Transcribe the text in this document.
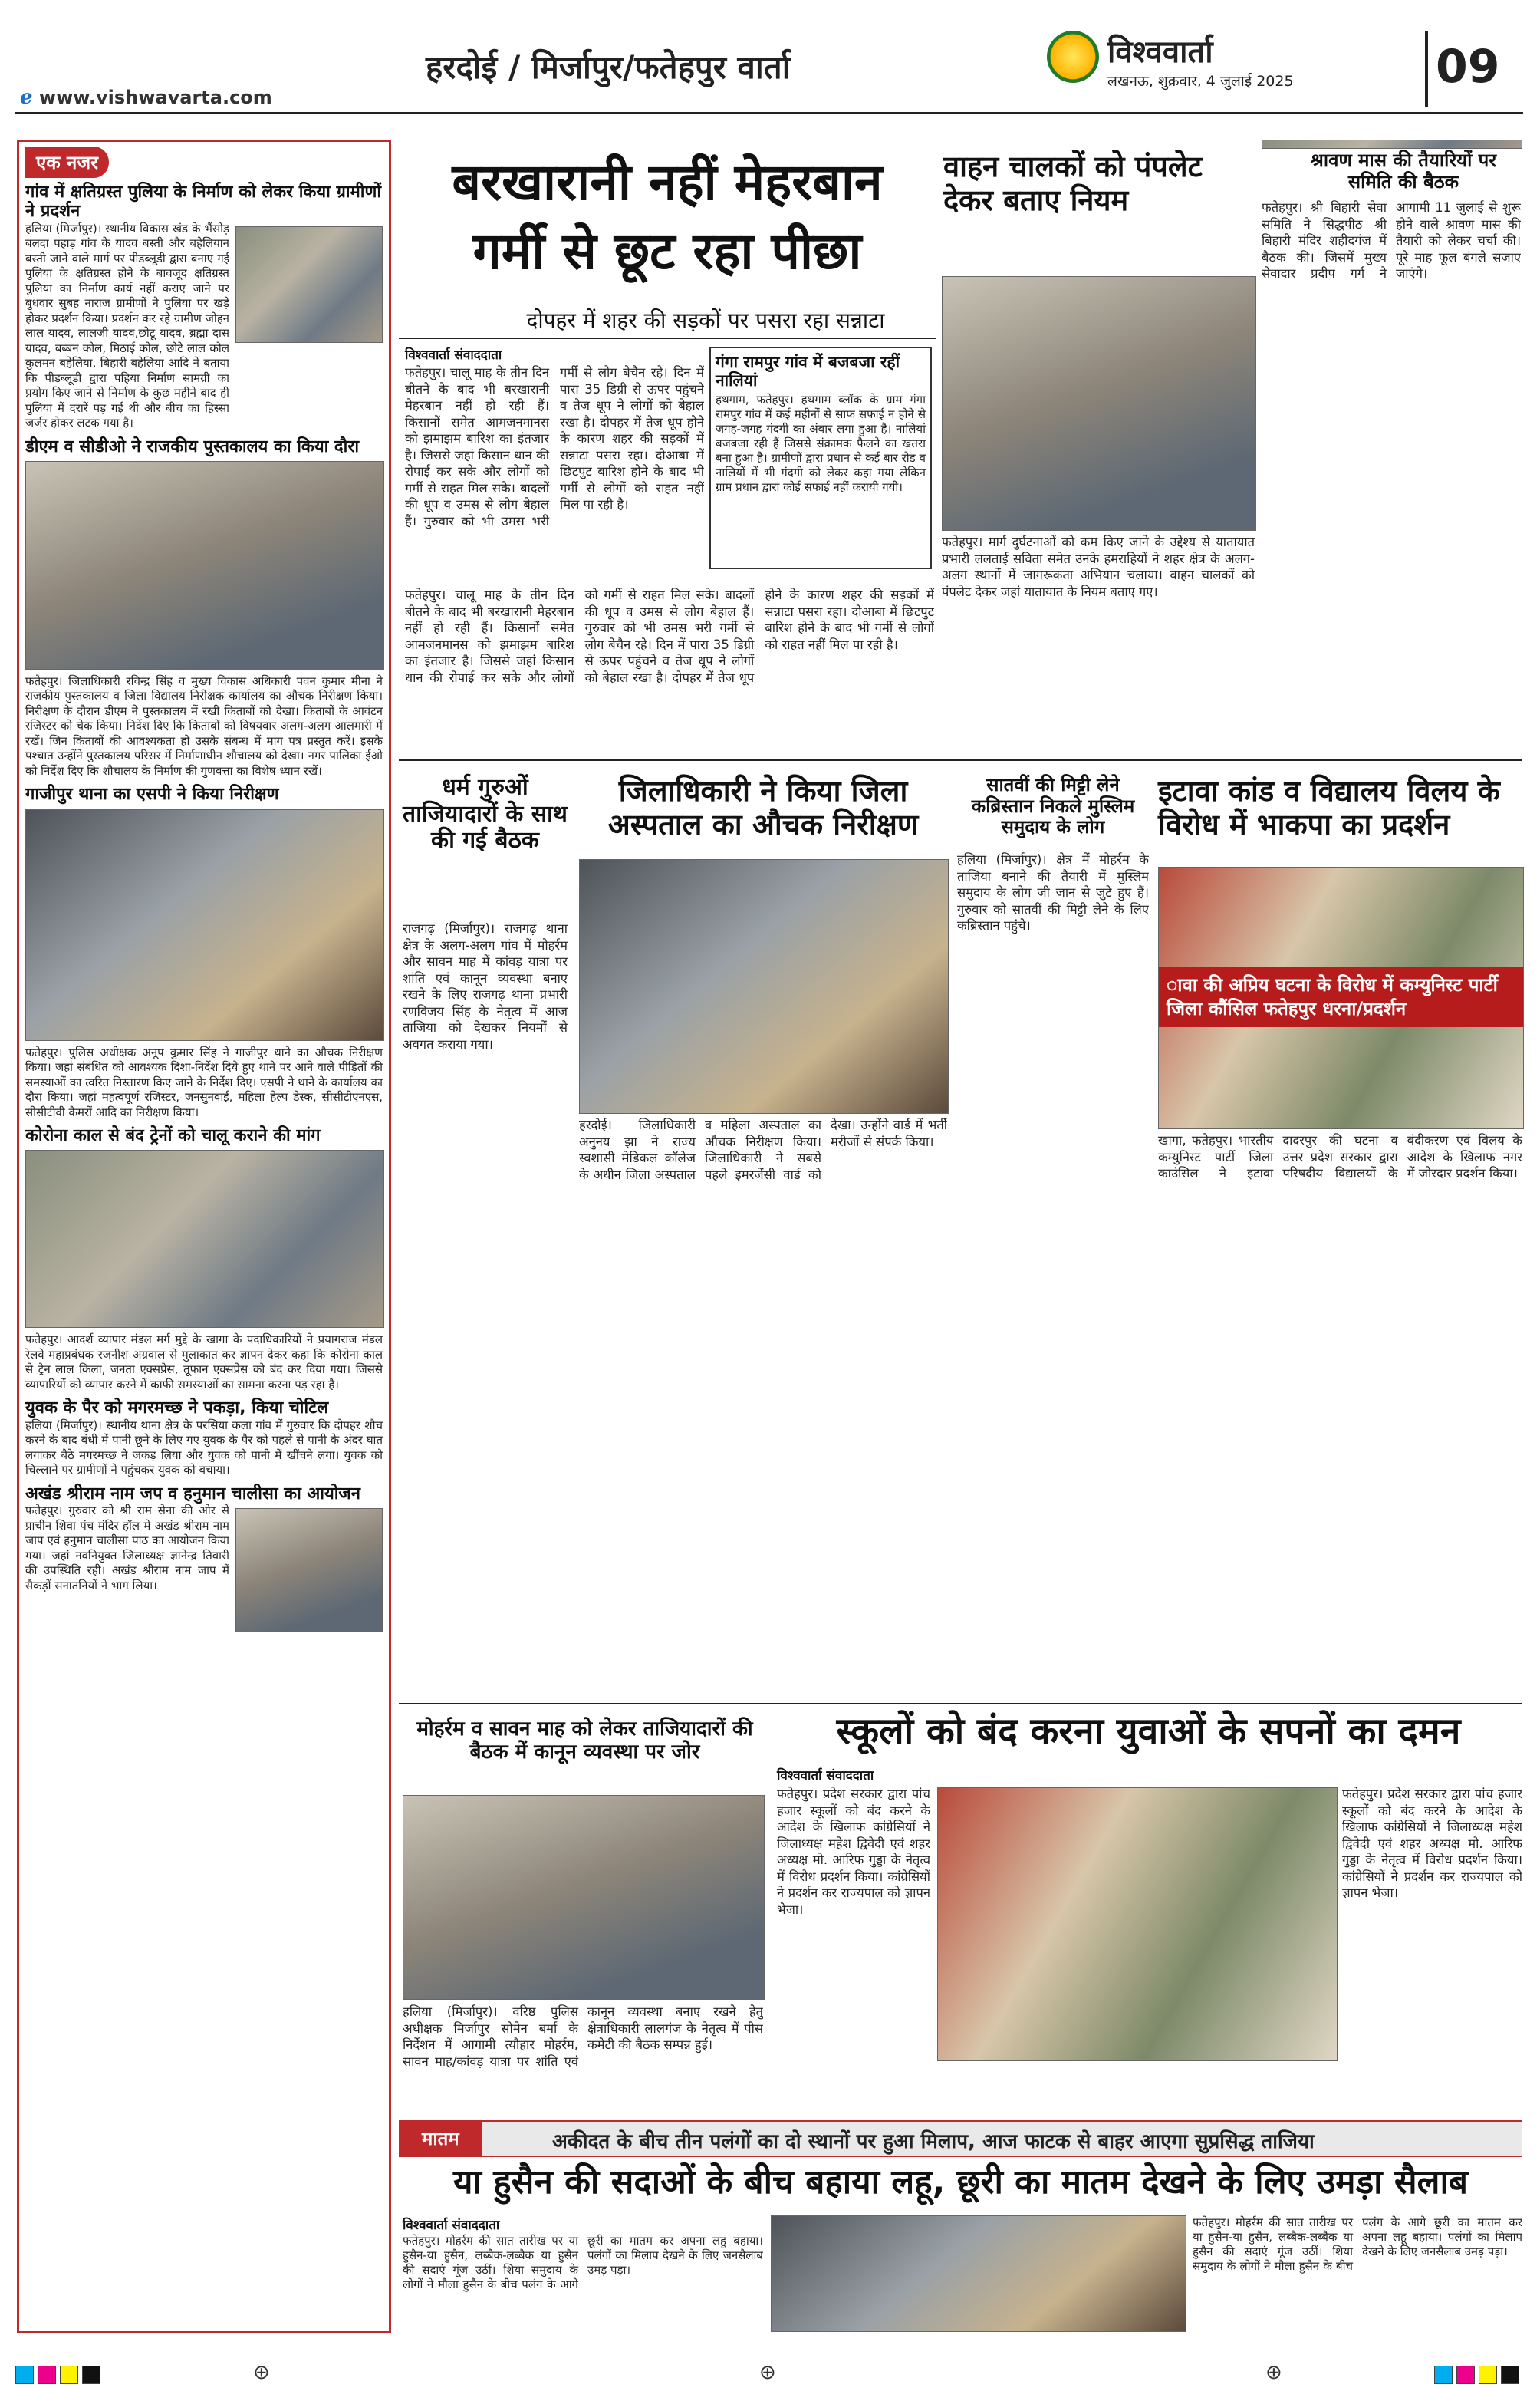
हरदोई / मिर्जापुर/फतेहपुर वार्ता
ℯ www.vishwavarta.com
विश्ववार्ता
लखनऊ, शुक्रवार, 4 जुलाई 2025	09
एक नजर
गांव में क्षतिग्रस्त पुलिया के निर्माण को लेकर किया ग्रामीणों ने प्रदर्शन
हलिया (मिर्जापुर)। स्थानीय विकास खंड के भैंसोड़ बलदा पहाड़ गांव के यादव बस्ती और बहेलियान बस्ती जाने वाले मार्ग पर पीडब्लूडी द्वारा बनाए गई पुलिया के क्षतिग्रस्त होने के बावजूद क्षतिग्रस्त पुलिया का निर्माण कार्य नहीं कराए जाने पर बुधवार सुबह नाराज ग्रामीणों ने पुलिया पर खड़े होकर प्रदर्शन किया। प्रदर्शन कर रहे ग्रामीण जोहन लाल यादव, लालजी यादव,छोटू यादव, ब्रह्मा दास यादव, बब्बन कोल, मिठाई कोल, छोटे लाल कोल कुलमन बहेलिया, बिहारी बहेलिया आदि ने बताया कि पीडब्लूडी द्वारा पहिया निर्माण सामग्री का प्रयोग किए जाने से निर्माण के कुछ महीने बाद ही पुलिया में दरारें पड़ गई थी और बीच का हिस्सा जर्जर होकर लटक गया है।
डीएम व सीडीओ ने राजकीय पुस्तकालय का किया दौरा
फतेहपुर। जिलाधिकारी रविन्द्र सिंह व मुख्य विकास अधिकारी पवन कुमार मीना ने राजकीय पुस्तकालय व जिला विद्यालय निरीक्षक कार्यालय का औचक निरीक्षण किया। निरीक्षण के दौरान डीएम ने पुस्तकालय में रखी किताबों को देखा। किताबों के आवंटन रजिस्टर को चेक किया। निर्देश दिए कि किताबों को विषयवार अलग-अलग आलमारी में रखें। जिन किताबों की आवश्यकता हो उसके संबन्ध में मांग पत्र प्रस्तुत करें। इसके पश्चात उन्होंने पुस्तकालय परिसर में निर्माणाधीन शौचालय को देखा। नगर पालिका ईओ को निर्देश दिए कि शौचालय के निर्माण की गुणवत्ता का विशेष ध्यान रखें।
गाजीपुर थाना का एसपी ने किया निरीक्षण
फतेहपुर। पुलिस अधीक्षक अनूप कुमार सिंह ने गाजीपुर थाने का औचक निरीक्षण किया। जहां संबंधित को आवश्यक दिशा-निर्देश दिये हुए थाने पर आने वाले पीड़ितों की समस्याओं का त्वरित निस्तारण किए जाने के निर्देश दिए। एसपी ने थाने के कार्यालय का दौरा किया। जहां महत्वपूर्ण रजिस्टर, जनसुनवाई, महिला हेल्प डेस्क, सीसीटीएनएस, सीसीटीवी कैमरों आदि का निरीक्षण किया।
कोरोना काल से बंद ट्रेनों को चालू कराने की मांग
फतेहपुर। आदर्श व्यापार मंडल मर्ग मुद्दे के खागा के पदाधिकारियों ने प्रयागराज मंडल रेलवे महाप्रबंधक रजनीश अग्रवाल से मुलाकात कर ज्ञापन देकर कहा कि कोरोना काल से ट्रेन लाल किला, जनता एक्सप्रेस, तूफान एक्सप्रेस को बंद कर दिया गया। जिससे व्यापारियों को व्यापार करने में काफी समस्याओं का सामना करना पड़ रहा है।
युवक के पैर को मगरमच्छ ने पकड़ा, किया चोटिल
हलिया (मिर्जापुर)। स्थानीय थाना क्षेत्र के परसिया कला गांव में गुरुवार कि दोपहर शौच करने के बाद बंधी में पानी छूने के लिए गए युवक के पैर को पहले से पानी के अंदर घात लगाकर बैठे मगरमच्छ ने जकड़ लिया और युवक को पानी में खींचने लगा। युवक को चिल्लाने पर ग्रामीणों ने पहुंचकर युवक को बचाया।
अखंड श्रीराम नाम जप व हनुमान चालीसा का आयोजन
फतेहपुर। गुरुवार को श्री राम सेना की ओर से प्राचीन शिवा पंच मंदिर हॉल में अखंड श्रीराम नाम जाप एवं हनुमान चालीसा पाठ का आयोजन किया गया। जहां नवनियुक्त जिलाध्यक्ष ज्ञानेन्द्र तिवारी की उपस्थिति रही। अखंड श्रीराम नाम जाप में सैकड़ों सनातनियों ने भाग लिया।
बरखारानी नहीं मेहरबान
गर्मी से छूट रहा पीछा
दोपहर में शहर की सड़कों पर पसरा रहा सन्नाटा
विश्ववार्ता संवाददाता
फतेहपुर। चालू माह के तीन दिन बीतने के बाद भी बरखारानी मेहरबान नहीं हो रही हैं। किसानों समेत आमजनमानस को झमाझम बारिश का इंतजार है। जिससे जहां किसान धान की रोपाई कर सके और लोगों को गर्मी से राहत मिल सके। बादलों की धूप व उमस से लोग बेहाल हैं। गुरुवार को भी उमस भरी गर्मी से लोग बेचैन रहे। दिन में पारा 35 डिग्री से ऊपर पहुंचने व तेज धूप ने लोगों को बेहाल रखा है। दोपहर में तेज धूप होने के कारण शहर की सड़कों में सन्नाटा पसरा रहा। दोआबा में छिटपुट बारिश होने के बाद भी गर्मी से लोगों को राहत नहीं मिल पा रही है।
गंगा रामपुर गांव में बजबजा रहीं नालियां
हथगाम, फतेहपुर। हथगाम ब्लॉक के ग्राम गंगा रामपुर गांव में कई महीनों से साफ सफाई न होने से जगह-जगह गंदगी का अंबार लगा हुआ है। नालियां बजबजा रही हैं जिससे संक्रामक फैलने का खतरा बना हुआ है। ग्रामीणों द्वारा प्रधान से कई बार रोड व नालियों में भी गंदगी को लेकर कहा गया लेकिन ग्राम प्रधान द्वारा कोई सफाई नहीं करायी गयी।
फतेहपुर। चालू माह के तीन दिन बीतने के बाद भी बरखारानी मेहरबान नहीं हो रही हैं। किसानों समेत आमजनमानस को झमाझम बारिश का इंतजार है। जिससे जहां किसान धान की रोपाई कर सके और लोगों को गर्मी से राहत मिल सके। बादलों की धूप व उमस से लोग बेहाल हैं। गुरुवार को भी उमस भरी गर्मी से लोग बेचैन रहे। दिन में पारा 35 डिग्री से ऊपर पहुंचने व तेज धूप ने लोगों को बेहाल रखा है। दोपहर में तेज धूप होने के कारण शहर की सड़कों में सन्नाटा पसरा रहा। दोआबा में छिटपुट बारिश होने के बाद भी गर्मी से लोगों को राहत नहीं मिल पा रही है।
वाहन चालकों को पंपलेट देकर बताए नियम
फतेहपुर। मार्ग दुर्घटनाओं को कम किए जाने के उद्देश्य से यातायात प्रभारी ललताई सविता समेत उनके हमराहियों ने शहर क्षेत्र के अलग-अलग स्थानों में जागरूकता अभियान चलाया। वाहन चालकों को पंपलेट देकर जहां यातायात के नियम बताए गए।
श्रावण मास की तैयारियों पर समिति की बैठक
फतेहपुर। श्री बिहारी सेवा समिति ने सिद्धपीठ श्री बिहारी मंदिर शहीदगंज में बैठक की। जिसमें मुख्य सेवादार प्रदीप गर्ग ने आगामी 11 जुलाई से शुरू होने वाले श्रावण मास की तैयारी को लेकर चर्चा की। पूरे माह फूल बंगले सजाए जाएंगे।
धर्म गुरुओं ताजियादारों के साथ की गई बैठक
राजगढ़ (मिर्जापुर)। राजगढ़ थाना क्षेत्र के अलग-अलग गांव में मोहर्रम और सावन माह में कांवड़ यात्रा पर शांति एवं कानून व्यवस्था बनाए रखने के लिए राजगढ़ थाना प्रभारी रणविजय सिंह के नेतृत्व में आज ताजिया को देखकर नियमों से अवगत कराया गया।
जिलाधिकारी ने किया जिला अस्पताल का औचक निरीक्षण
हरदोई। जिलाधिकारी अनुनय झा ने राज्य स्वशासी मेडिकल कॉलेज के अधीन जिला अस्पताल व महिला अस्पताल का औचक निरीक्षण किया। जिलाधिकारी ने सबसे पहले इमरजेंसी वार्ड को देखा। उन्होंने वार्ड में भर्ती मरीजों से संपर्क किया।
सातवीं की मिट्टी लेने कब्रिस्तान निकले मुस्लिम समुदाय के लोग
हलिया (मिर्जापुर)। क्षेत्र में मोहर्रम के ताजिया बनाने की तैयारी में मुस्लिम समुदाय के लोग जी जान से जुटे हुए हैं। गुरुवार को सातवीं की मिट्टी लेने के लिए कब्रिस्तान पहुंचे।
इटावा कांड व विद्यालय विलय के विरोध में भाकपा का प्रदर्शन
ावा की अप्रिय घटना के विरोध में कम्युनिस्ट पार्टी जिला कौंसिल फतेहपुर धरना/प्रदर्शन
खागा, फतेहपुर। भारतीय कम्युनिस्ट पार्टी जिला काउंसिल ने इटावा दादरपुर की घटना व उत्तर प्रदेश सरकार द्वारा परिषदीय विद्यालयों के बंदीकरण एवं विलय के आदेश के खिलाफ नगर में जोरदार प्रदर्शन किया।
मोहर्रम व सावन माह को लेकर ताजियादारों की बैठक में कानून व्यवस्था पर जोर
हलिया (मिर्जापुर)। वरिष्ठ पुलिस अधीक्षक मिर्जापुर सोमेन बर्मा के निर्देशन में आगामी त्यौहार मोहर्रम, सावन माह/कांवड़ यात्रा पर शांति एवं कानून व्यवस्था बनाए रखने हेतु क्षेत्राधिकारी लालगंज के नेतृत्व में पीस कमेटी की बैठक सम्पन्न हुई।
स्कूलों को बंद करना युवाओं के सपनों का दमन
विश्ववार्ता संवाददाता
फतेहपुर। प्रदेश सरकार द्वारा पांच हजार स्कूलों को बंद करने के आदेश के खिलाफ कांग्रेसियों ने जिलाध्यक्ष महेश द्विवेदी एवं शहर अध्यक्ष मो. आरिफ गुड्डा के नेतृत्व में विरोध प्रदर्शन किया। कांग्रेसियों ने प्रदर्शन कर राज्यपाल को ज्ञापन भेजा।
फतेहपुर। प्रदेश सरकार द्वारा पांच हजार स्कूलों को बंद करने के आदेश के खिलाफ कांग्रेसियों ने जिलाध्यक्ष महेश द्विवेदी एवं शहर अध्यक्ष मो. आरिफ गुड्डा के नेतृत्व में विरोध प्रदर्शन किया। कांग्रेसियों ने प्रदर्शन कर राज्यपाल को ज्ञापन भेजा।
मातम	अकीदत के बीच तीन पलंगों का दो स्थानों पर हुआ मिलाप, आज फाटक से बाहर आएगा सुप्रसिद्ध ताजिया
या हुसैन की सदाओं के बीच बहाया लहू, छूरी का मातम देखने के लिए उमड़ा सैलाब
विश्ववार्ता संवाददाता
फतेहपुर। मोहर्रम की सात तारीख पर या हुसैन-या हुसैन, लब्बैक-लब्बैक या हुसैन की सदाएं गूंज उठीं। शिया समुदाय के लोगों ने मौला हुसैन के बीच पलंग के आगे छूरी का मातम कर अपना लहू बहाया। पलंगों का मिलाप देखने के लिए जनसैलाब उमड़ पड़ा।
फतेहपुर। मोहर्रम की सात तारीख पर या हुसैन-या हुसैन, लब्बैक-लब्बैक या हुसैन की सदाएं गूंज उठीं। शिया समुदाय के लोगों ने मौला हुसैन के बीच पलंग के आगे छूरी का मातम कर अपना लहू बहाया। पलंगों का मिलाप देखने के लिए जनसैलाब उमड़ पड़ा।
⊕	⊕	⊕
